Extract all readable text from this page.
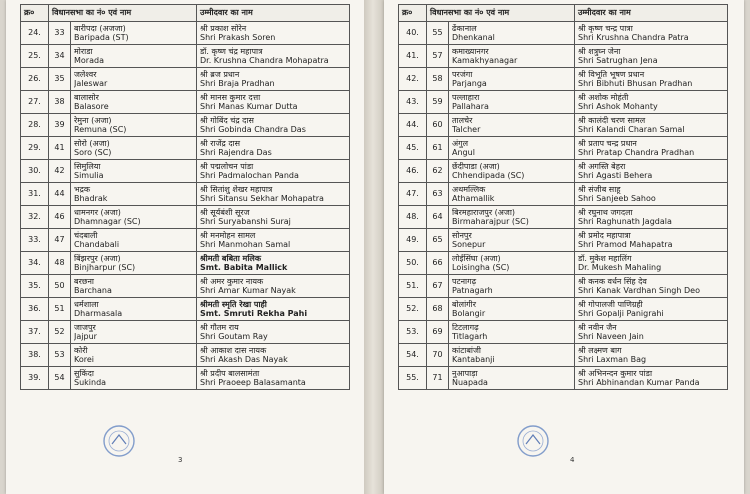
क्र०	विधानसभा का नं० एवं नाम		उम्मीदवार का नाम

24.	33	बारीपदा (अजजा)
Baripada (ST)	श्री प्रकाश सोरेन
Shri Prakash Soren

25.	34	मोराडा
Morada	डॉ. कृष्ण चंद्र महापात्र
Dr. Krushna Chandra Mohapatra

26.	35	जलेश्वर
Jaleswar	श्री ब्रज प्रधान
Shri Braja Pradhan

27.	38	बालासोर
Balasore	श्री मानस कुमार दत्ता
Shri Manas Kumar Dutta

28.	39	रेमुना (अजा)
Remuna (SC)	श्री गोबिंद चंद्र दास
Shri Gobinda Chandra Das

29.	41	सोरो (अजा)
Soro (SC)	श्री राजेंद्र दास
Shri Rajendra Das

30.	42	सिमुलिया
Simulia	श्री पद्मलोचन पांडा
Shri Padmalochan Panda

31.	44	भद्रक
Bhadrak	श्री सितांशु शेखर महापात्र
Shri Sitansu Sekhar Mohapatra

32.	46	धामनगर (अजा)
Dhamnagar (SC)	श्री सूर्यबंशी सूरज
Shri Suryabanshi Suraj

33.	47	चंदबाली
Chandabali	श्री मनमोहन सामल
Shri Manmohan Samal

34.	48	बिंझरपुर (अजा)
Binjharpur (SC)	श्रीमती बबिता मलिक
Smt. Babita Mallick

35.	50	बरछना
Barchana	श्री अमर कुमार नायक
Shri Amar Kumar Nayak

36.	51	धर्मशाला
Dharmasala	श्रीमती स्मृति रेखा पाही
Smt. Smruti Rekha Pahi

37.	52	जाजपुर
Jajpur	श्री गौतम राय
Shri Goutam Ray

38.	53	कोरी
Korei	श्री आकाश दास नायक
Shri Akash Das Nayak

39.	54	सुकिंदा
Sukinda	श्री प्रदीप बालसामंता
Shri Praoeep Balasamanta
3
क्र०	विधानसभा का नं० एवं नाम		उम्मीदवार का नाम

40.	55	ढेंकानाल
Dhenkanal	श्री कृष्ण चन्द्र पात्रा
Shri Krushna Chandra Patra

41.	57	कमाख्यानगर
Kamakhyanagar	श्री शत्रुघ्न जेना
Shri Satrughan Jena

42.	58	परजंगा
Parjanga	श्री विभूति भूषण प्रधान
Shri Bibhuti Bhusan Pradhan

43.	59	पल्लाहारा
Pallahara	श्री अशोक मोहंती
Shri Ashok Mohanty

44.	60	तालचेर
Talcher	श्री कालंदी चरण सामल
Shri Kalandi Charan Samal

45.	61	अंगुल
Angul	श्री प्रताप चन्द्र प्रधान
Shri Pratap Chandra Pradhan

46.	62	छेंदीपाडा (अजा)
Chhendipada (SC)	श्री अगस्ति बेहरा
Shri Agasti Behera

47.	63	अथमल्लिक
Athamallik	श्री संजीब साहू
Shri Sanjeeb Sahoo

48.	64	बिरमहाराजपुर (अजा)
Birmaharajpur (SC)	श्री रघुनाथ जगदला
Shri Raghunath Jagdala

49.	65	सोनपुर
Sonepur	श्री प्रमोद महापात्रा
Shri Pramod Mahapatra

50.	66	लोईसिंघा (अजा)
Loisingha (SC)	डॉ. मुकेश महालिंग
Dr. Mukesh Mahaling

51.	67	पटनागढ़
Patnagarh	श्री कनक वर्धन सिंह देव
Shri Kanak Vardhan Singh Deo

52.	68	बोलांगीर
Bolangir	श्री गोपालजी पाणिग्रही
Shri Gopalji Panigrahi

53.	69	टिटलागढ़
Titlagarh	श्री नवीन जैन
Shri Naveen Jain

54.	70	कांटाबांजी
Kantabanji	श्री लक्ष्मण बाग
Shri Laxman Bag

55.	71	नुआपाड़ा
Nuapada	श्री अभिनन्दन कुमार पांडा
Shri Abhinandan Kumar Panda
4
